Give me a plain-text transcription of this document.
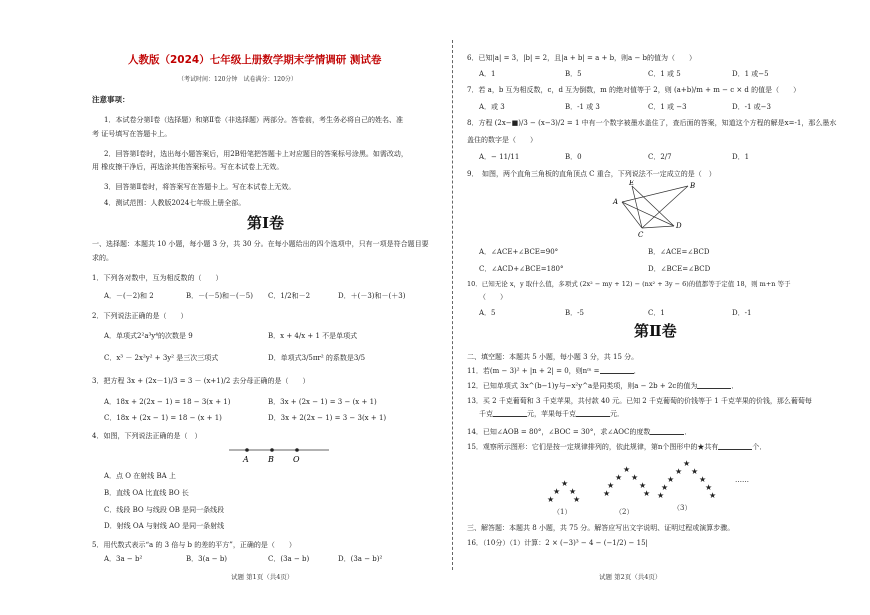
人教版（2024）七年级上册数学期末学情调研 测试卷
（考试时间：120分钟　试卷满分：120分）
注意事项：
1．本试卷分第Ⅰ卷（选择题）和第Ⅱ卷（非选择题）两部分。答卷前，考生务必将自己的姓名、准
考 证号填写在答题卡上。
2．回答第Ⅰ卷时，选出每小题答案后，用2B铅笔把答题卡上对应题目的答案标号涂黑。如需改动，
用 橡皮擦干净后，再选涂其他答案标号。写在本试卷上无效。
3．回答第Ⅱ卷时，将答案写在答题卡上。写在本试卷上无效。
4．测试范围：人教版2024七年级上册全部。
第Ⅰ卷
一、选择题：本题共 10 小题，每小题 3 分，共 30 分。在每小题给出的四个选项中，只有一项是符合题目要
求的。
1．下列各对数中，互为相反数的（　　）
A．－(－2)和 2	B．－(－5)和－(－5) C．1/2和－2	D．＋(－3)和－(＋3)
2．下列说法正确的是（　　）
A．单项式2²a³y⁴的次数是 9	B．x + 4/x + 1 不是单项式
C．x³ － 2x²y² + 3y² 是三次三项式	D．单项式3/5πr² 的系数是3/5
3．把方程 3x + (2x－1)/3 = 3 － (x+1)/2 去分母正确的是（　　）
A．18x + 2(2x − 1) = 18 − 3(x + 1)	B．3x + (2x − 1) = 3 − (x + 1)
C．18x + (2x − 1) = 18 − (x + 1)	D．3x + 2(2x − 1) = 3 − 3(x + 1)
4．如图，下列说法正确的是（　）
A B O
A．点 O 在射线 BA 上
B．直线 OA 比直线 BO 长
C．线段 BO 与线段 OB 是同一条线段
D．射线 OA 与射线 AO 是同一条射线
5．用代数式表示“a 的 3 倍与 b 的差的平方”，正确的是（　　）
A．3a − b²	B．3(a − b)	C．(3a − b)	D．(3a − b)²
试题 第1页（共4页）
6．已知|a| = 3，|b| = 2，且|a + b| = a + b，则a − b的值为（　　）
A．1	B．5	C．1 或 5	D．1 或−5
7．若 a，b 互为相反数，c，d 互为倒数，m 的绝对值等于 2，则 (a+b)/m + m − c × d 的值是（　　）
A．或 3	B．-1 或 3	C．1 或 −3	D．-1 或−3
8．方程 (2x−■)/3 − (x−3)/2 = 1 中有一个数字被墨水盖住了，查后面的答案，知道这个方程的解是x=-1，那么墨水
盖住的数字是（　　）
A．− 11/11	B．0	C．2/7	D．1
9．　如图，两个直角三角板的直角顶点 C 重合，下列说法不一定成立的是（　）
E	B
A
D
C
A．∠ACE+∠BCE=90°	B．∠ACE=∠BCD
C．∠ACD+∠BCE=180°	D．∠BCE=∠BCD
10．已知无论 x，y 取什么值，多项式 (2x² − my + 12) − (nx² + 3y − 6)的值都等于定值 18，则 m+n 等于
（　　）
A．5	B．-5	C．1	D．-1
第Ⅱ卷
二、填空题：本题共 5 小题，每小题 3 分，共 15 分。
11．若(m − 3)² + |n + 2| = 0，则nᵐ =	．
12．已知单项式 3x^(b−1)y与−x²y^a是同类项，则a − 2b + 2c的值为	．
13．买 2 千克葡萄和 3 千克苹果，共付款 40 元。已知 2 千克葡萄的价钱等于 1 千克苹果的价钱，那么葡萄每
千克	元，苹果每千克	元．
14．已知∠AOB = 80°，∠BOC = 30°，求∠AOC的度数	．
15．观察所示图形：它们是按一定规律排列的，依此规律，第n个图形中的★共有	个．
★
★ ★
★ ★
★
★ ★
★	★
★	★
★
★ ★
★	★
★	★
★	★
（1）	（2）	（3）
……
三、解答题：本题共 8 小题，共 75 分。解答应写出文字说明、证明过程或演算步骤。
16．（10分）（1）计算：2 × (−3)³ − 4 − (−1/2) − 15|
试题 第2页（共4页）
